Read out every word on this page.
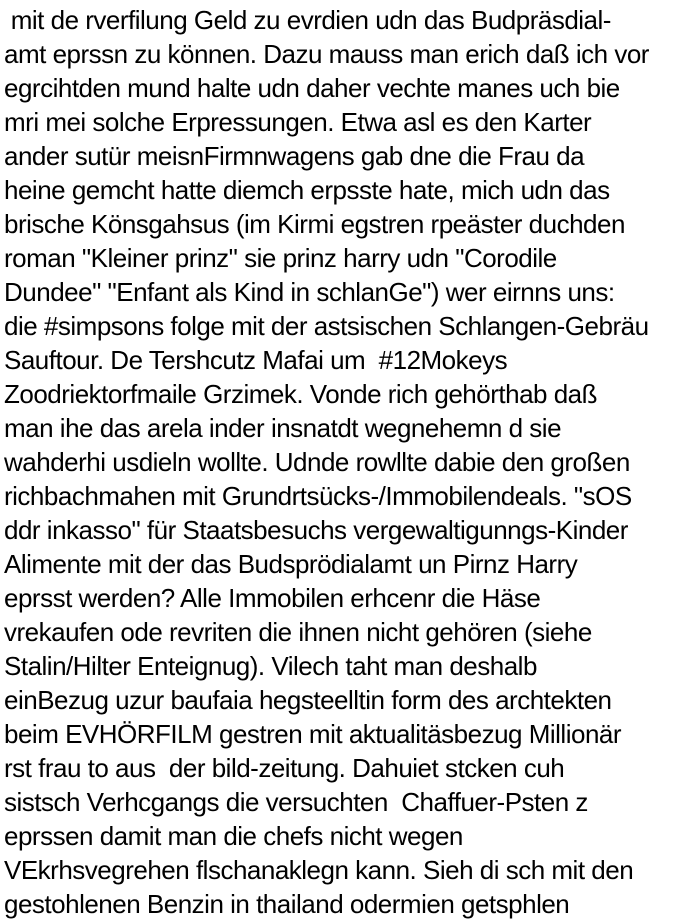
mit de rverfilung Geld zu evrdien udn das Budpräsdial-
amt eprssn zu können. Dazu mauss man erich daß ich vor
egrcihtden mund halte udn daher vechte manes uch bie
mri mei solche Erpressungen. Etwa asl es den Karter
ander sutür meisnFirmnwagens gab dne die Frau da
heine gemcht hatte diemch erpsste hate, mich udn das
brische Könsgahsus (im Kirmi egstren rpeäster duchden
roman "Kleiner prinz" sie prinz harry udn "Corodile
Dundee" "Enfant als Kind in schlanGe") wer eirnns uns:
die #simpsons folge mit der astsischen Schlangen-Gebräu
Sauftour. De Tershcutz Mafai um  #12Mokeys
Zoodriektorfmaile Grzimek. Vonde rich gehörthab daß
man ihe das arela inder insnatdt wegnehemn d sie
wahderhi usdieln wollte. Udnde rowllte dabie den großen
richbachmahen mit Grundrtsücks-/Immobilendeals. "sOS
ddr inkasso" für Staatsbesuchs vergewaltigunngs-Kinder
Alimente mit der das Budsprödialamt un Pirnz Harry
eprsst werden? Alle Immobilen erhcenr die Häse
vrekaufen ode revriten die ihnen nicht gehören (siehe
Stalin/Hilter Enteignug). Vilech taht man deshalb
einBezug uzur baufaia hegsteelltin form des archtekten
beim EVHÖRFILM gestren mit aktualitäsbezug Millionär
rst frau to aus  der bild-zeitung. Dahuiet stcken cuh
sistsch Verhcgangs die versuchten  Chaffuer-Psten z
eprssen damit man die chefs nicht wegen
VEkrhsvegrehen flschanaklegn kann. Sieh di sch mit den
gestohlenen Benzin in thailand odermien getsphlen
